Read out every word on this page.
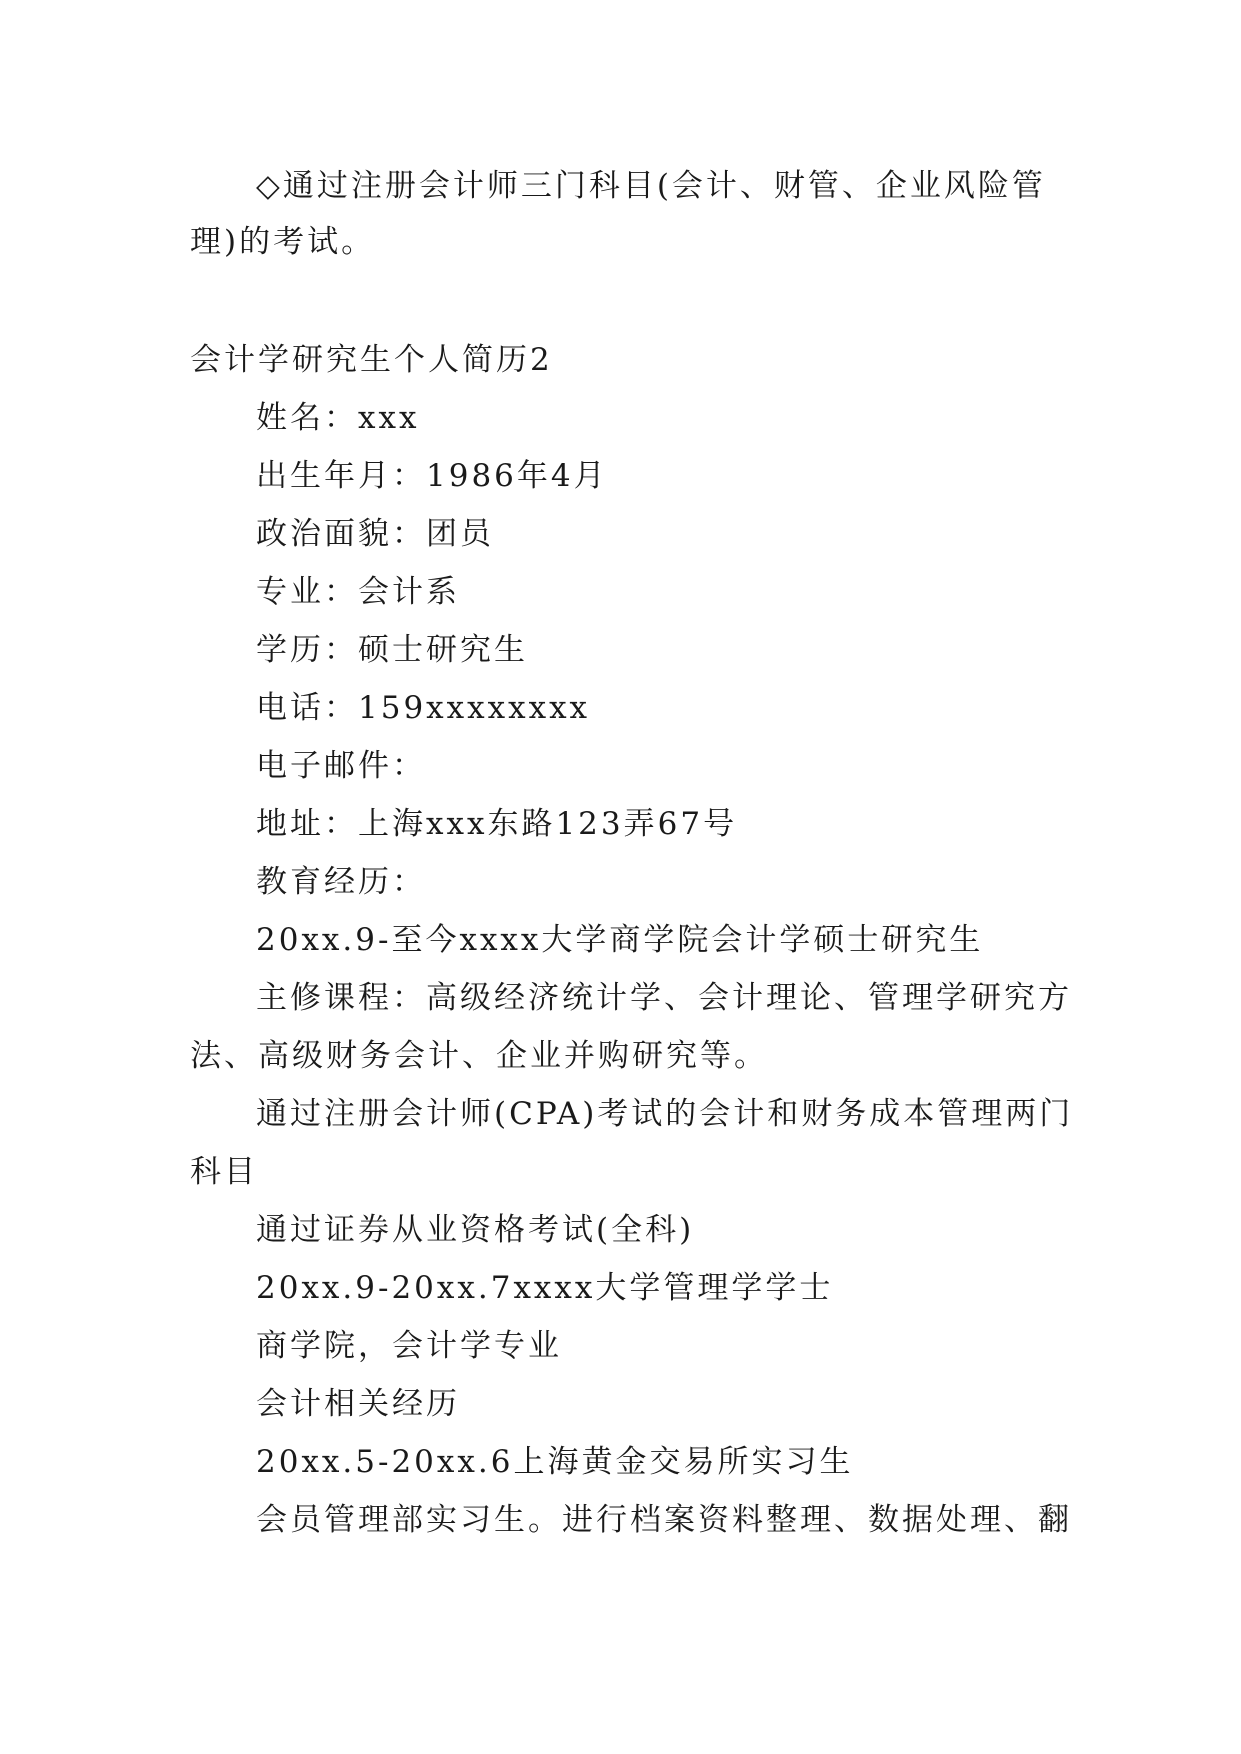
◇通过注册会计师三门科目(会计、财管、企业风险管
理)的考试。
会计学研究生个人简历2
姓名：xxx
出生年月：1986年4月
政治面貌：团员
专业：会计系
学历：硕士研究生
电话：159xxxxxxxx
电子邮件：
地址：上海xxx东路123弄67号
教育经历：
20xx.9-至今xxxx大学商学院会计学硕士研究生
主修课程：高级经济统计学、会计理论、管理学研究方
法、高级财务会计、企业并购研究等。
通过注册会计师(CPA)考试的会计和财务成本管理两门
科目
通过证券从业资格考试(全科)
20xx.9-20xx.7xxxx大学管理学学士
商学院，会计学专业
会计相关经历
20xx.5-20xx.6上海黄金交易所实习生
会员管理部实习生。进行档案资料整理、数据处理、翻
